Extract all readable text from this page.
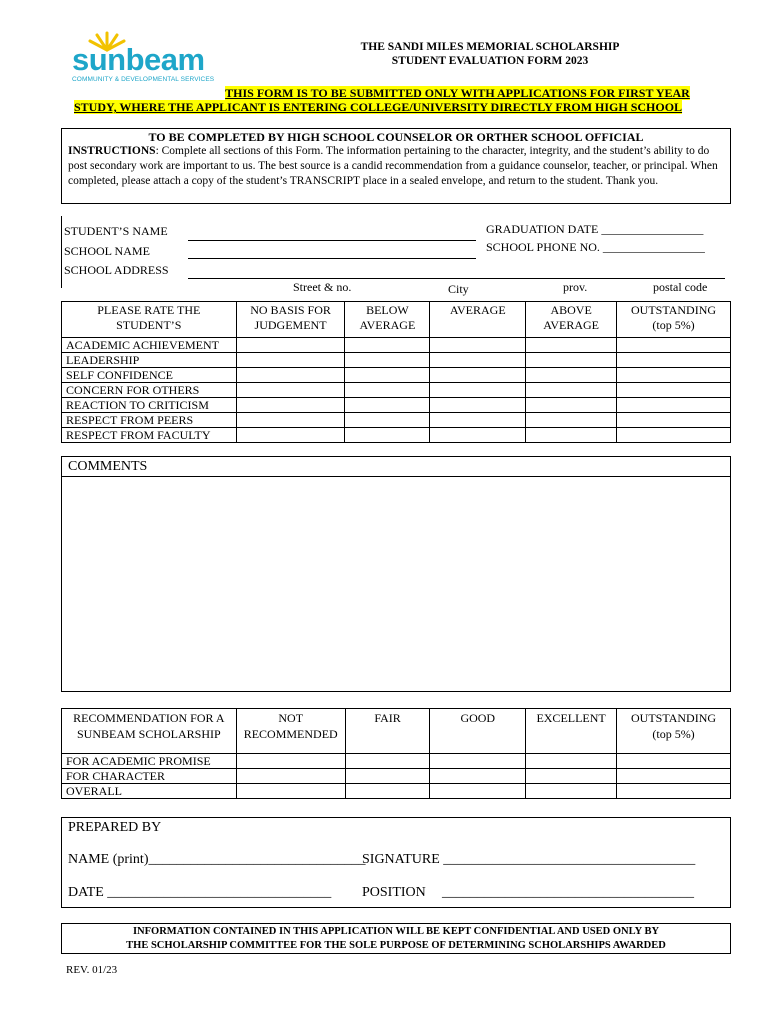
sunbeam
COMMUNITY & DEVELOPMENTAL SERVICES
THE SANDI MILES MEMORIAL SCHOLARSHIP
STUDENT EVALUATION FORM 2023
THIS FORM IS TO BE SUBMITTED ONLY WITH APPLICATIONS FOR FIRST YEAR
STUDY, WHERE THE APPLICANT IS ENTERING COLLEGE/UNIVERSITY DIRECTLY FROM HIGH SCHOOL
TO BE COMPLETED BY HIGH SCHOOL COUNSELOR OR ORTHER SCHOOL OFFICIAL
INSTRUCTIONS: Complete all sections of this Form. The information pertaining to the character, integrity, and the student’s ability to do post secondary work are important to us. The best source is a candid recommendation from a guidance counselor, teacher, or principal. When completed, please attach a copy of the student’s TRANSCRIPT place in a sealed envelope, and return to the student. Thank you.
STUDENT’S NAME	GRADUATION DATE _________________
SCHOOL NAME	SCHOOL PHONE NO. _________________
SCHOOL ADDRESS
Street & no.	City	prov.	postal code
PLEASE RATE THE STUDENT’S	NO BASIS FOR JUDGEMENT	BELOW AVERAGE	AVERAGE	ABOVE AVERAGE	OUTSTANDING (top 5%)
ACADEMIC ACHIEVEMENT					
LEADERSHIP					
SELF CONFIDENCE					
CONCERN FOR OTHERS					
REACTION TO CRITICISM					
RESPECT FROM PEERS					
RESPECT FROM FACULTY					
COMMENTS
RECOMMENDATION FOR A SUNBEAM SCHOLARSHIP	NOT RECOMMENDED	FAIR	GOOD	EXCELLENT	OUTSTANDING (top 5%)
FOR ACADEMIC PROMISE					
FOR CHARACTER					
OVERALL					
PREPARED BY
NAME (print)_______________________________
SIGNATURE ____________________________________
DATE ________________________________ POSITION ____________________________________
INFORMATION CONTAINED IN THIS APPLICATION WILL BE KEPT CONFIDENTIAL AND USED ONLY BY
THE SCHOLARSHIP COMMITTEE FOR THE SOLE PURPOSE OF DETERMINING SCHOLARSHIPS AWARDED
REV. 01/23
